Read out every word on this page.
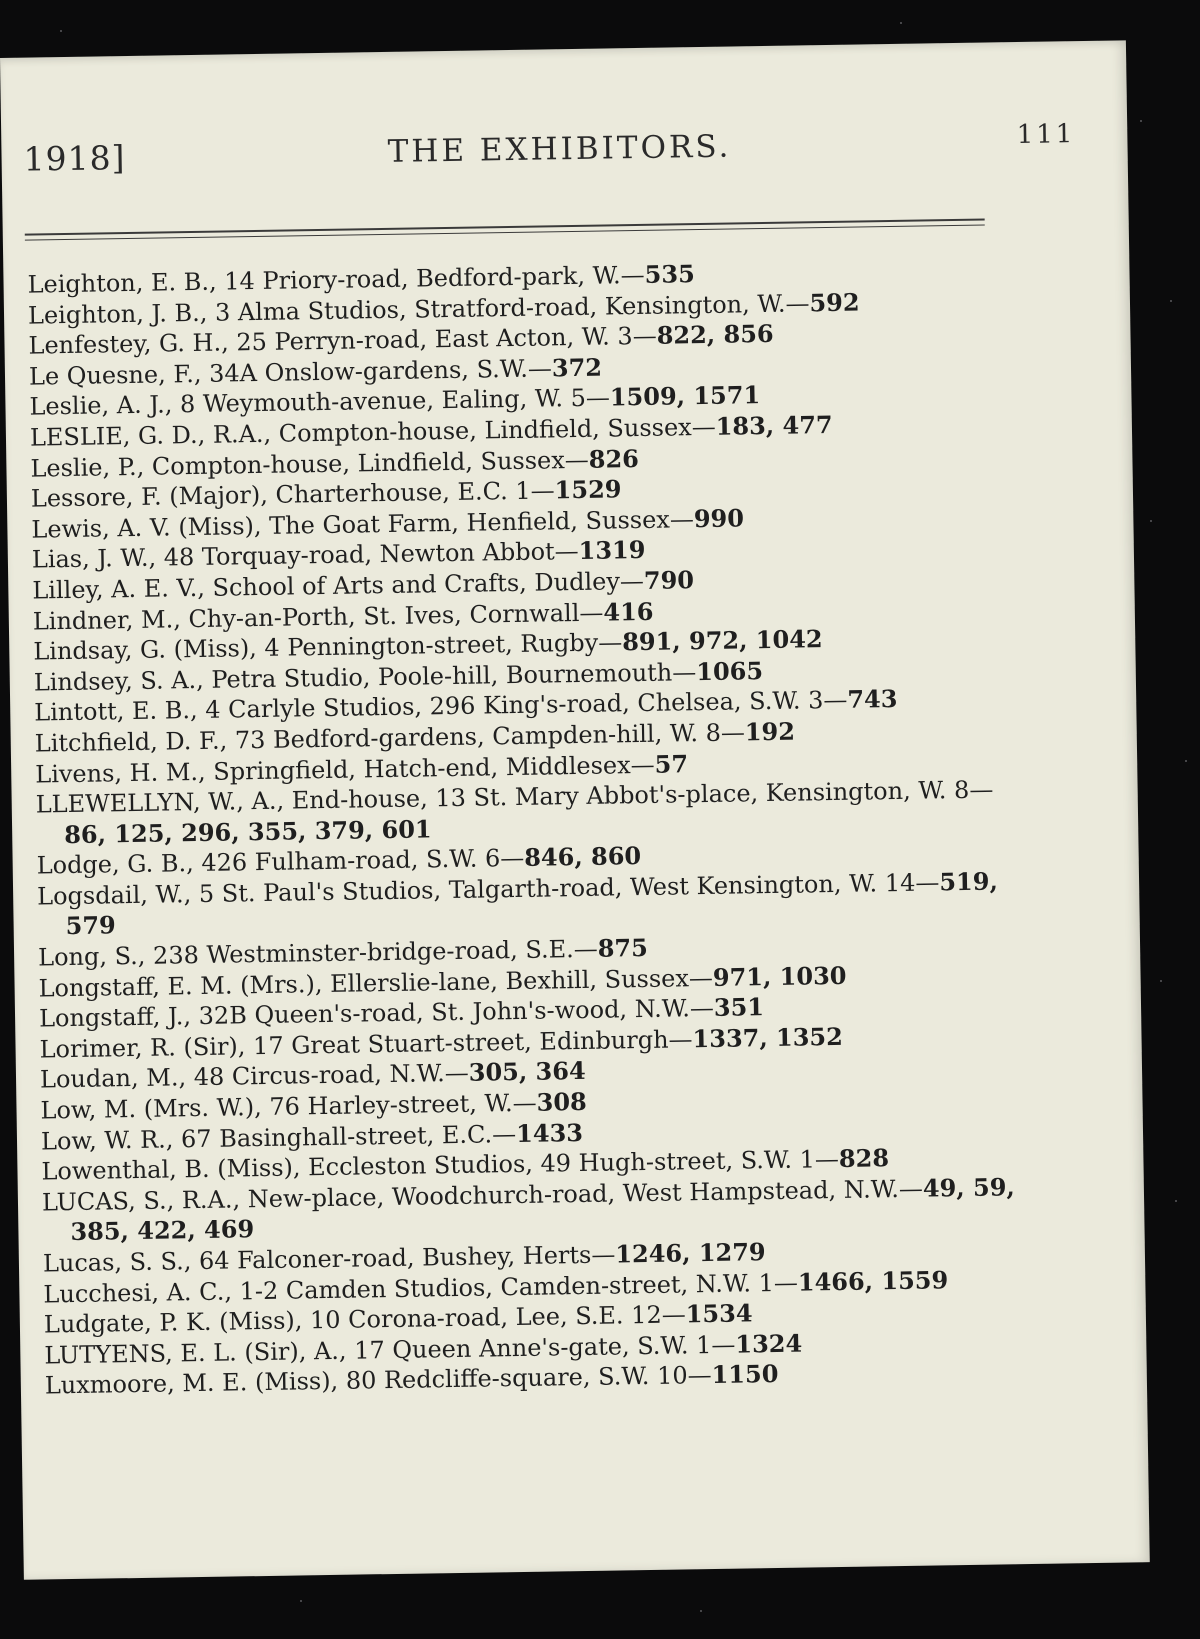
1918]	THE EXHIBITORS.	111

Leighton, E. B., 14 Priory-road, Bedford-park, W.—535

Leighton, J. B., 3 Alma Studios, Stratford-road, Kensington, W.—592

Lenfestey, G. H., 25 Perryn-road, East Acton, W. 3—822, 856

Le Quesne, F., 34A Onslow-gardens, S.W.—372

Leslie, A. J., 8 Weymouth-avenue, Ealing, W. 5—1509, 1571

LESLIE, G. D., R.A., Compton-house, Lindfield, Sussex—183, 477

Leslie, P., Compton-house, Lindfield, Sussex—826

Lessore, F. (Major), Charterhouse, E.C. 1—1529

Lewis, A. V. (Miss), The Goat Farm, Henfield, Sussex—990

Lias, J. W., 48 Torquay-road, Newton Abbot—1319

Lilley, A. E. V., School of Arts and Crafts, Dudley—790

Lindner, M., Chy-an-Porth, St. Ives, Cornwall—416

Lindsay, G. (Miss), 4 Pennington-street, Rugby—891, 972, 1042

Lindsey, S. A., Petra Studio, Poole-hill, Bournemouth—1065

Lintott, E. B., 4 Carlyle Studios, 296 King's-road, Chelsea, S.W. 3—743

Litchfield, D. F., 73 Bedford-gardens, Campden-hill, W. 8—192

Livens, H. M., Springfield, Hatch-end, Middlesex—57

LLEWELLYN, W., A., End-house, 13 St. Mary Abbot's-place, Kensington, W. 8—86, 125, 296, 355, 379, 601

Lodge, G. B., 426 Fulham-road, S.W. 6—846, 860

Logsdail, W., 5 St. Paul's Studios, Talgarth-road, West Kensington, W. 14—519, 579

Long, S., 238 Westminster-bridge-road, S.E.—875

Longstaff, E. M. (Mrs.), Ellerslie-lane, Bexhill, Sussex—971, 1030

Longstaff, J., 32B Queen's-road, St. John's-wood, N.W.—351

Lorimer, R. (Sir), 17 Great Stuart-street, Edinburgh—1337, 1352

Loudan, M., 48 Circus-road, N.W.—305, 364

Low, M. (Mrs. W.), 76 Harley-street, W.—308

Low, W. R., 67 Basinghall-street, E.C.—1433

Lowenthal, B. (Miss), Eccleston Studios, 49 Hugh-street, S.W. 1—828

LUCAS, S., R.A., New-place, Woodchurch-road, West Hampstead, N.W.—49, 59, 385, 422, 469

Lucas, S. S., 64 Falconer-road, Bushey, Herts—1246, 1279

Lucchesi, A. C., 1-2 Camden Studios, Camden-street, N.W. 1—1466, 1559

Ludgate, P. K. (Miss), 10 Corona-road, Lee, S.E. 12—1534

LUTYENS, E. L. (Sir), A., 17 Queen Anne's-gate, S.W. 1—1324

Luxmoore, M. E. (Miss), 80 Redcliffe-square, S.W. 10—1150
